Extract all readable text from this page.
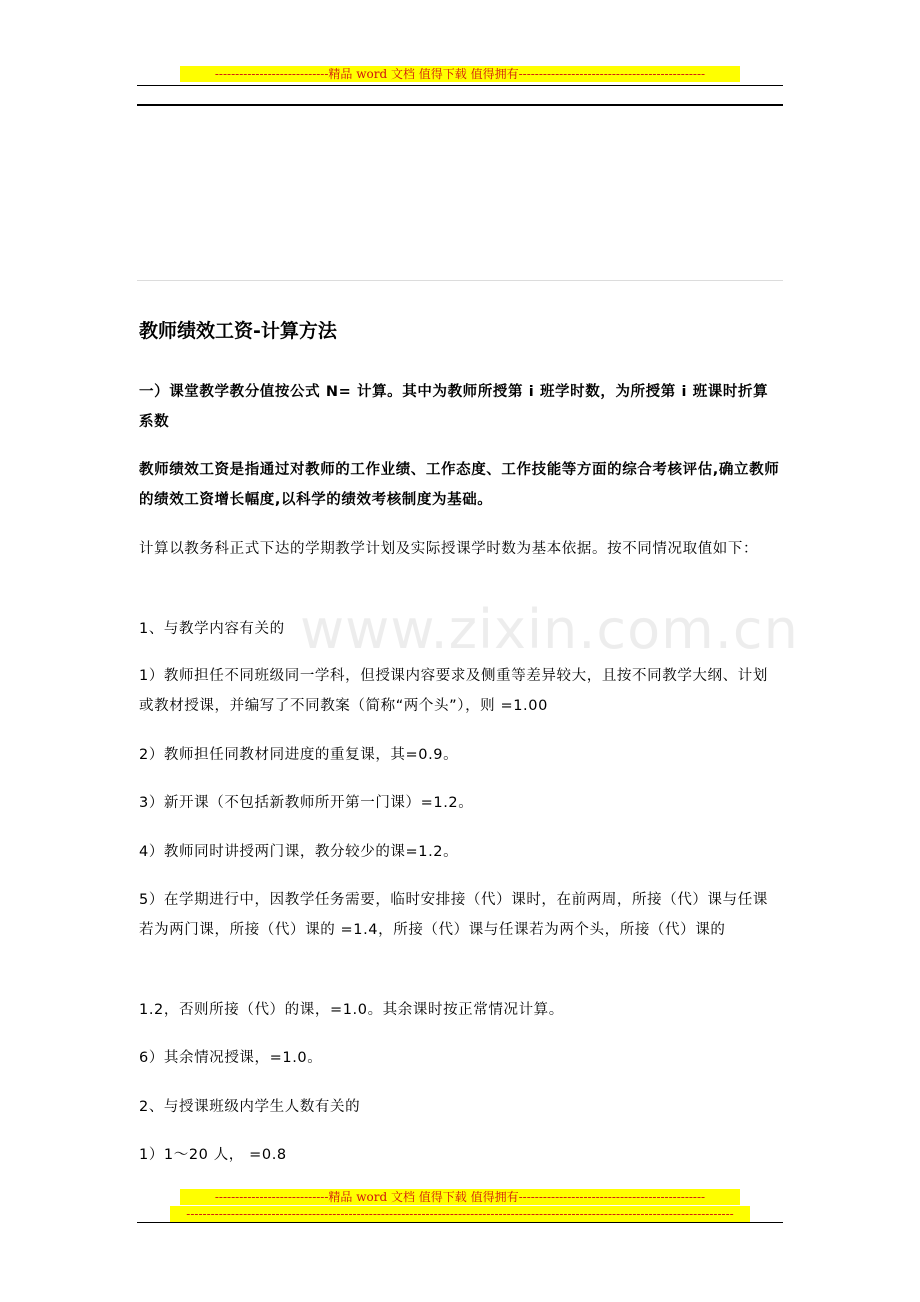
----------------------------精品 word 文档 值得下载 值得拥有----------------------------------------------
www.zixin.com.cn
教师绩效工资-计算方法
一）课堂教学教分值按公式 N= 计算。其中为教师所授第 i 班学时数，为所授第 i 班课时折算系数
教师绩效工资是指通过对教师的工作业绩、工作态度、工作技能等方面的综合考核评估,确立教师的绩效工资增长幅度,以科学的绩效考核制度为基础。
计算以教务科正式下达的学期教学计划及实际授课学时数为基本依据。按不同情况取值如下：
1、与教学内容有关的
1）教师担任不同班级同一学科，但授课内容要求及侧重等差异较大，且按不同教学大纲、计划或教材授课，并编写了不同教案（简称“两个头”），则 =1.00
2）教师担任同教材同进度的重复课，其=0.9。
3）新开课（不包括新教师所开第一门课）=1.2。
4）教师同时讲授两门课，教分较少的课=1.2。
5）在学期进行中，因教学任务需要，临时安排接（代）课时，在前两周，所接（代）课与任课若为两门课，所接（代）课的 =1.4，所接（代）课与任课若为两个头，所接（代）课的
1.2，否则所接（代）的课，=1.0。其余课时按正常情况计算。
6）其余情况授课，=1.0。
2、与授课班级内学生人数有关的
1）1～20 人， =0.8
----------------------------精品 word 文档 值得下载 值得拥有----------------------------------------------
---------------------------------------------------------------------------------------------------------------------------------------
